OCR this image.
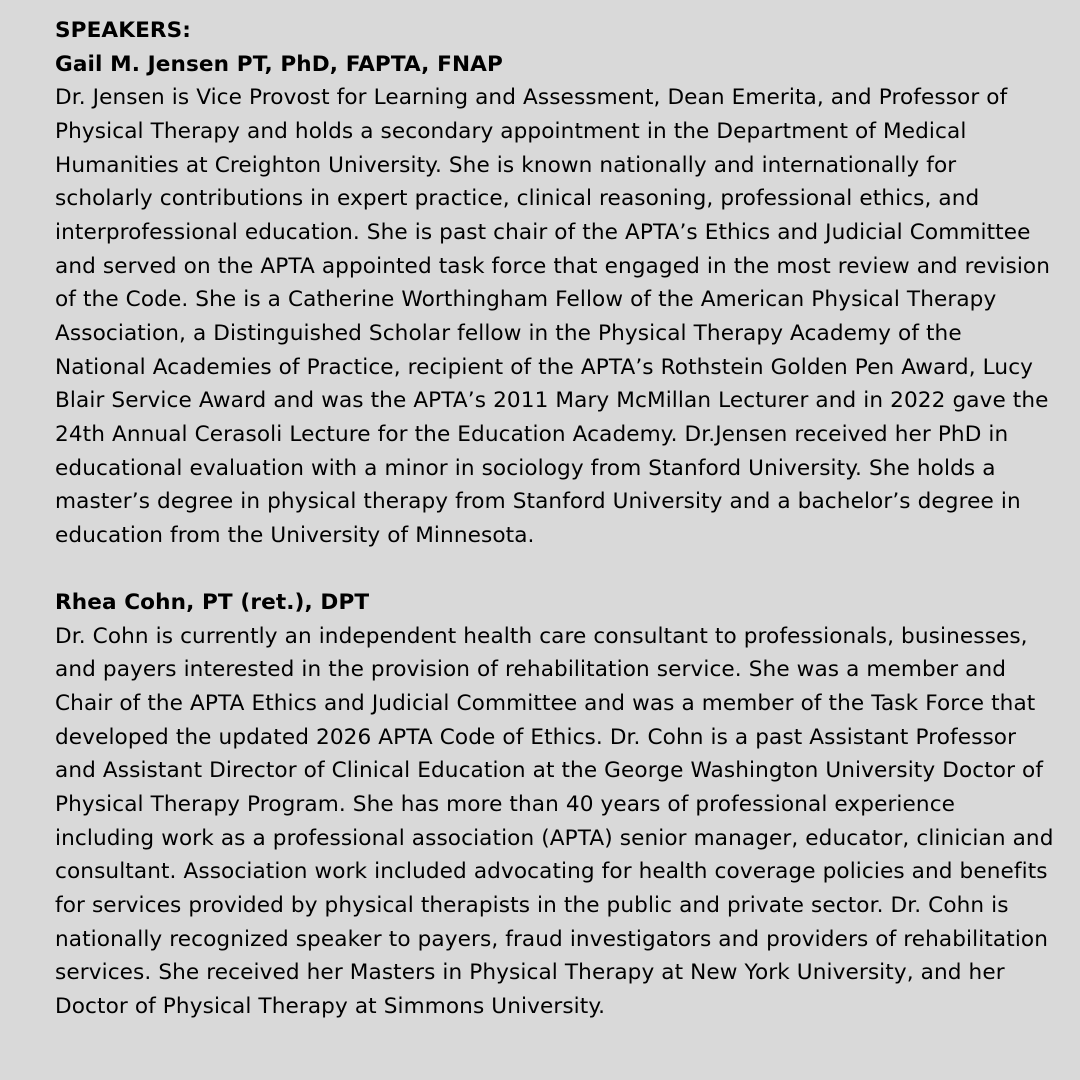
SPEAKERS:

Gail M. Jensen PT, PhD, FAPTA, FNAP

Dr. Jensen is Vice Provost for Learning and Assessment, Dean Emerita, and Professor of Physical Therapy and holds a secondary appointment in the Department of Medical Humanities at Creighton University. She is known nationally and internationally for scholarly contributions in expert practice, clinical reasoning, professional ethics, and interprofessional education. She is past chair of the APTA’s Ethics and Judicial Committee and served on the APTA appointed task force that engaged in the most review and revision of the Code. She is a Catherine Worthingham Fellow of the American Physical Therapy Association, a Distinguished Scholar fellow in the Physical Therapy Academy of the National Academies of Practice, recipient of the APTA’s Rothstein Golden Pen Award, Lucy Blair Service Award and was the APTA’s 2011 Mary McMillan Lecturer and in 2022 gave the 24th Annual Cerasoli Lecture for the Education Academy. Dr.Jensen received her PhD in educational evaluation with a minor in sociology from Stanford University. She holds a master’s degree in physical therapy from Stanford University and a bachelor’s degree in education from the University of Minnesota.

Rhea Cohn, PT (ret.), DPT

Dr. Cohn is currently an independent health care consultant to professionals, businesses, and payers interested in the provision of rehabilitation service. She was a member and Chair of the APTA Ethics and Judicial Committee and was a member of the Task Force that developed the updated 2026 APTA Code of Ethics. Dr. Cohn is a past Assistant Professor and Assistant Director of Clinical Education at the George Washington University Doctor of Physical Therapy Program. She has more than 40 years of professional experience including work as a professional association (APTA) senior manager, educator, clinician and consultant. Association work included advocating for health coverage policies and benefits for services provided by physical therapists in the public and private sector. Dr. Cohn is nationally recognized speaker to payers, fraud investigators and providers of rehabilitation services. She received her Masters in Physical Therapy at New York University, and her Doctor of Physical Therapy at Simmons University.
